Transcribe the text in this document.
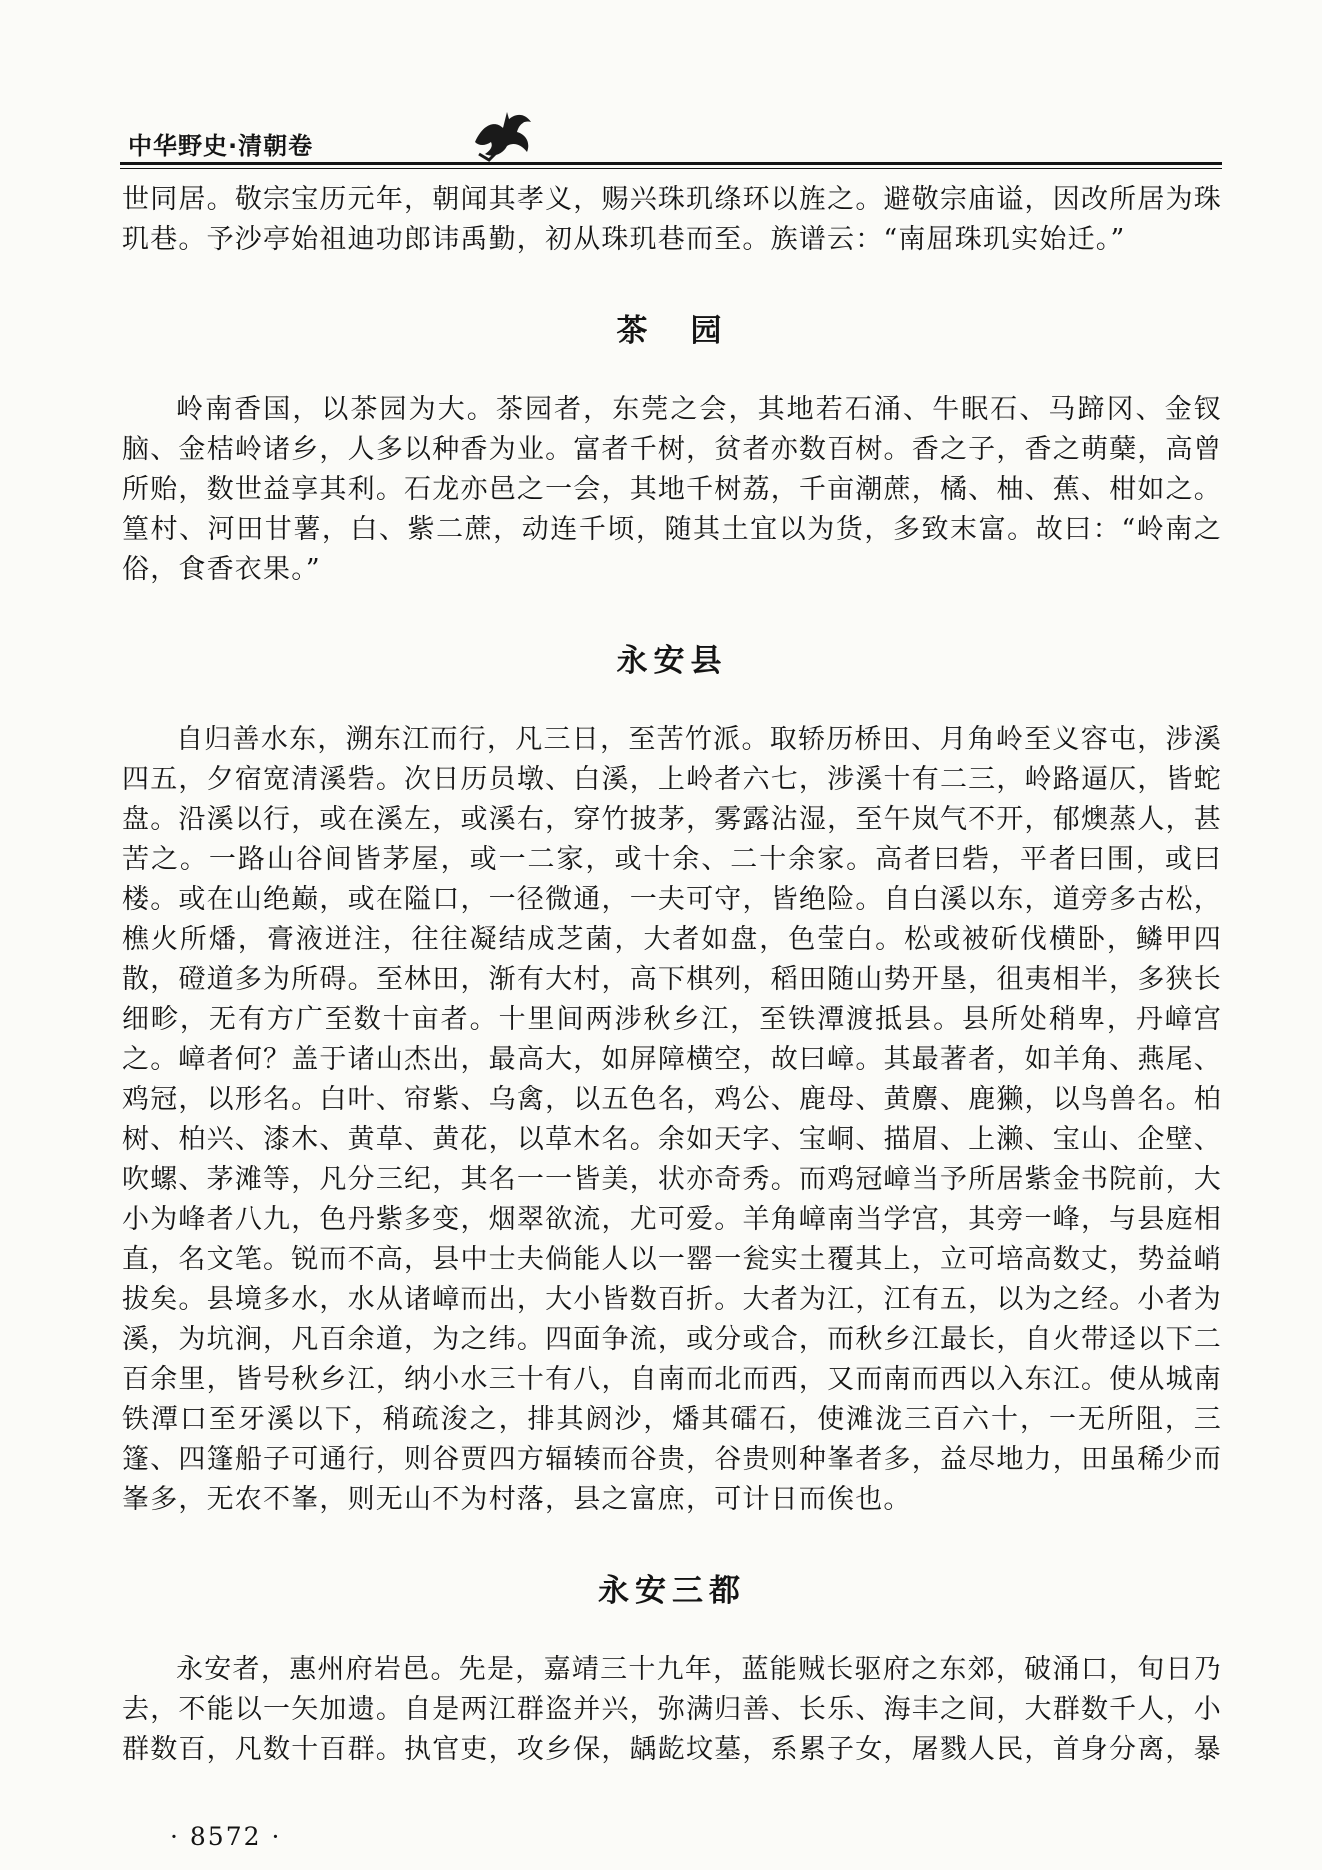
中华野史·清朝卷

世同居。敬宗宝历元年，朝闻其孝义，赐兴珠玑绦环以旌之。避敬宗庙谥，因改所居为珠玑巷。予沙亭始祖迪功郎讳禹勤，初从珠玑巷而至。族谱云：“南屈珠玑实始迁。”

茶　园

岭南香国，以茶园为大。茶园者，东莞之会，其地若石涌、牛眠石、马蹄冈、金钗脑、金桔岭诸乡，人多以种香为业。富者千树，贫者亦数百树。香之子，香之萌蘖，高曾所贻，数世益享其利。石龙亦邑之一会，其地千树荔，千亩潮蔗，橘、柚、蕉、柑如之。篁村、河田甘薯，白、紫二蔗，动连千顷，随其土宜以为货，多致末富。故曰：“岭南之俗，食香衣果。”

永安县

自归善水东，溯东江而行，凡三日，至苦竹派。取轿历桥田、月角岭至义容屯，涉溪四五，夕宿宽清溪砦。次日历员墩、白溪，上岭者六七，涉溪十有二三，岭路逼仄，皆蛇盘。沿溪以行，或在溪左，或溪右，穿竹披茅，雾露沾湿，至午岚气不开，郁燠蒸人，甚苦之。一路山谷间皆茅屋，或一二家，或十余、二十余家。高者曰砦，平者曰围，或曰楼。或在山绝巅，或在隘口，一径微通，一夫可守，皆绝险。自白溪以东，道旁多古松，樵火所燔，膏液迸注，往往凝结成芝菌，大者如盘，色莹白。松或被斫伐横卧，鳞甲四散，磴道多为所碍。至林田，渐有大村，高下棋列，稻田随山势开垦，徂夷相半，多狭长细畛，无有方广至数十亩者。十里间两涉秋乡江，至铁潭渡抵县。县所处稍卑，丹嶂宫之。嶂者何？盖于诸山杰出，最高大，如屏障横空，故曰嶂。其最著者，如羊角、燕尾、鸡冠，以形名。白叶、帘紫、乌禽，以五色名，鸡公、鹿母、黄麖、鹿獭，以鸟兽名。柏树、柏兴、漆木、黄草、黄花，以草木名。余如天字、宝峒、描眉、上濑、宝山、企壁、吹螺、茅滩等，凡分三纪，其名一一皆美，状亦奇秀。而鸡冠嶂当予所居紫金书院前，大小为峰者八九，色丹紫多变，烟翠欲流，尤可爱。羊角嶂南当学宫，其旁一峰，与县庭相直，名文笔。锐而不高，县中士夫倘能人以一罂一瓮实土覆其上，立可培高数丈，势益峭拔矣。县境多水，水从诸嶂而出，大小皆数百折。大者为江，江有五，以为之经。小者为溪，为坑涧，凡百余道，为之纬。四面争流，或分或合，而秋乡江最长，自火带迳以下二百余里，皆号秋乡江，纳小水三十有八，自南而北而西，又而南而西以入东江。使从城南铁潭口至牙溪以下，稍疏浚之，排其阏沙，燔其礌石，使滩泷三百六十，一无所阻，三篷、四篷船子可通行，则谷贾四方辐辏而谷贵，谷贵则种峯者多，益尽地力，田虽稀少而峯多，无农不峯，则无山不为村落，县之富庶，可计日而俟也。

永安三都

永安者，惠州府岩邑。先是，嘉靖三十九年，蓝能贼长驱府之东郊，破涌口，旬日乃去，不能以一矢加遗。自是两江群盗并兴，弥满归善、长乐、海丰之间，大群数千人，小群数百，凡数十百群。执官吏，攻乡保，龋龁坟墓，系累子女，屠戮人民，首身分离，暴

· 8572 ·
